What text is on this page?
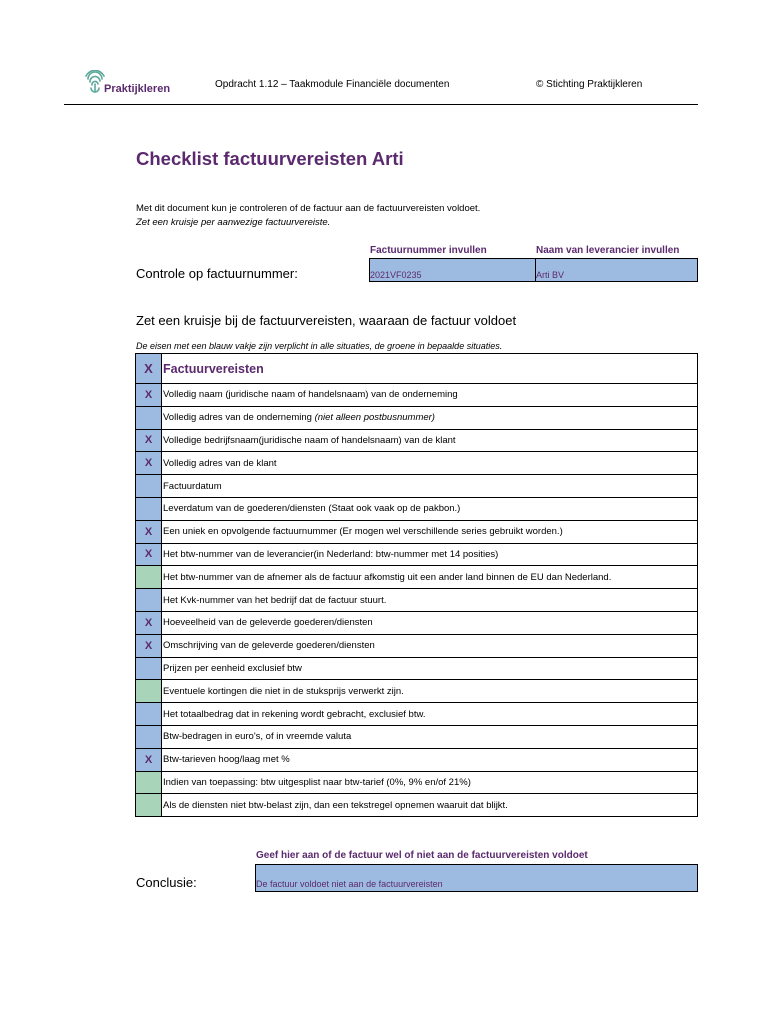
Praktijkleren	Opdracht 1.12 – Taakmodule Financiële documenten	© Stichting Praktijkleren
Checklist factuurvereisten Arti
Met dit document kun je controleren of de factuur aan de factuurvereisten voldoet.
Zet een kruisje per aanwezige factuurvereiste.
Factuurnummer invullen	Naam van leverancier invullen
Controle op factuurnummer:	2021VF0235	Arti BV
Zet een kruisje bij de factuurvereisten, waaraan de factuur voldoet
De eisen met een blauw vakje zijn verplicht in alle situaties, de groene in bepaalde situaties.
X	Factuurvereisten
X	Volledig naam (juridische naam of handelsnaam) van de onderneming
	Volledig adres van de onderneming (niet alleen postbusnummer)
X	Volledige bedrijfsnaam(juridische naam of handelsnaam) van de klant
X	Volledig adres van de klant
	Factuurdatum
	Leverdatum van de goederen/diensten (Staat ook vaak op de pakbon.)
X	Een uniek en opvolgende factuurnummer (Er mogen wel verschillende series gebruikt worden.)
X	Het btw-nummer van de leverancier(in Nederland: btw-nummer met 14 posities)
	Het btw-nummer van de afnemer als de factuur afkomstig uit een ander land binnen de EU dan Nederland.
	Het Kvk-nummer van het bedrijf dat de factuur stuurt.
X	Hoeveelheid van de geleverde goederen/diensten
X	Omschrijving van de geleverde goederen/diensten
	Prijzen per eenheid exclusief btw
	Eventuele kortingen die niet in de stuksprijs verwerkt zijn.
	Het totaalbedrag dat in rekening wordt gebracht, exclusief btw.
	Btw-bedragen in euro's, of in vreemde valuta
X	Btw-tarieven hoog/laag met %
	Indien van toepassing: btw uitgesplist naar btw-tarief (0%, 9% en/of 21%)
	Als de diensten niet btw-belast zijn, dan een tekstregel opnemen waaruit dat blijkt.
Geef hier aan of de factuur wel of niet aan de factuurvereisten voldoet
Conclusie:	De factuur voldoet niet aan de factuurvereisten
